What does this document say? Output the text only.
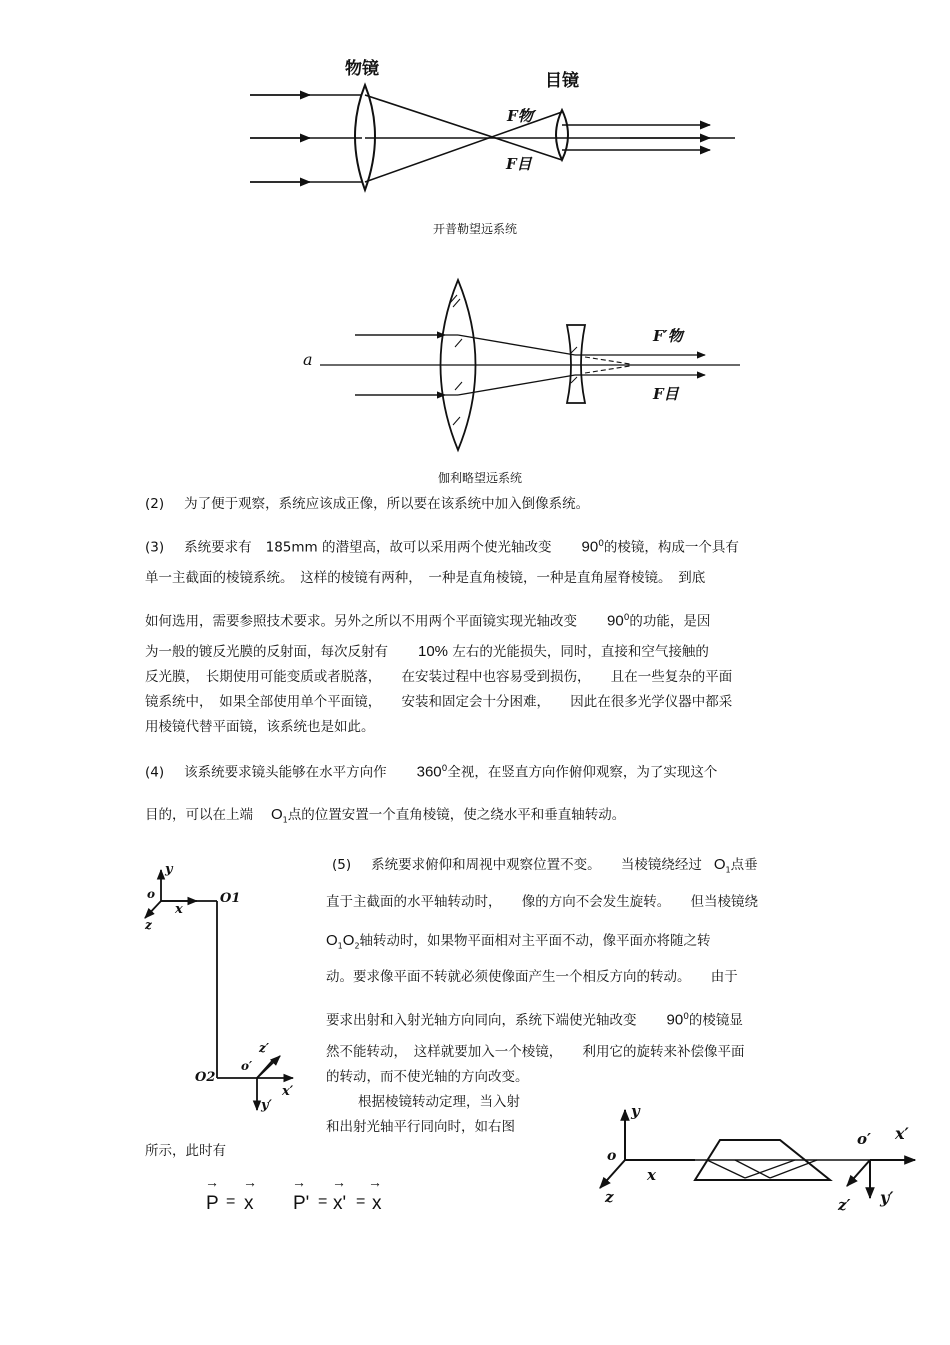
物镜
目镜
F物′
F目
开普勒望远系统
a
F′物
F目
伽利略望远系统
(2) 为了便于观察，系统应该成正像，所以要在该系统中加入倒像系统。
(3) 系统要求有 185mm 的潜望高，故可以采用两个使光轴改变 $90^0$的棱镜，构成一个具有
单一主截面的棱镜系统。　这样的棱镜有两种，　一种是直角棱镜，一种是直角屋脊棱镜。　到底
如何选用，需要参照技术要求。另外之所以不用两个平面镜实现光轴改变 $90^0$的功能，是因
为一般的镀反光膜的反射面，每次反射有 10% 左右的光能损失，同时，直接和空气接触的
反光膜，　长期使用可能变质或者脱落，　　在安装过程中也容易受到损伤，　　且在一些复杂的平面
镜系统中，　如果全部使用单个平面镜，　　安装和固定会十分困难，　　因此在很多光学仪器中都采
用棱镜代替平面镜，该系统也是如此。
(4) 该系统要求镜头能够在水平方向作 $360^0$全视，在竖直方向作俯仰观察，为了实现这个
目的，可以在上端 $O_1$点的位置安置一个直角棱镜，使之绕水平和垂直轴转动。
y
o
x
z
O1
O2
o′
z′
x′
y′
(5) 系统要求俯仰和周视中观察位置不变。　　当棱镜绕经过 $O_1$点垂
直于主截面的水平轴转动时，　　像的方向不会发生旋转。　　但当棱镜绕
$O_1O_2$轴转动时，如果物平面相对主平面不动，像平面亦将随之转
动。要求像平面不转就必须使像面产生一个相反方向的转动。　　由于
要求出射和入射光轴方向同向，系统下端使光轴改变 $90^0$的棱镜显
然不能转动，　这样就要加入一个棱镜，　　利用它的旋转来补偿像平面
的转动，而不使光轴的方向改变。
根据棱镜转动定理，当入射
和出射光轴平行同向时，如右图
所示，此时有
y
o
x
z
o′ x′
z′ y′
→ →	→ → →
P = x P' = x' = x
